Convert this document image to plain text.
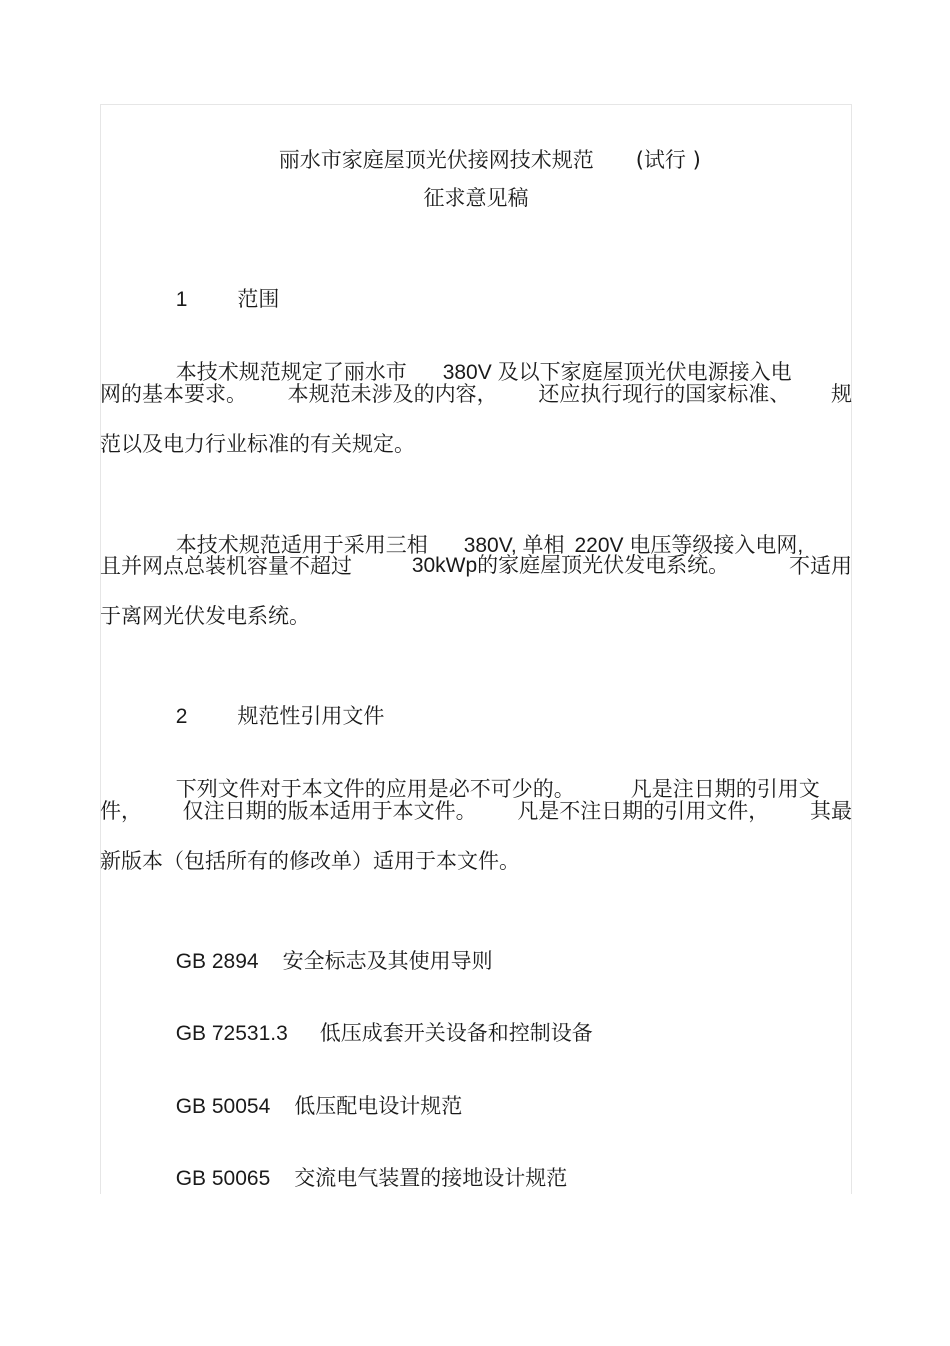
丽水市家庭屋顶光伏接网技术规范 (试行 )

征求意见稿

1 范围

本技术规范规定了丽水市 380V 及以下家庭屋顶光伏电源接入电

网的基本要求。 本规范未涉及的内容， 还应执行现行的国家标准、 规
范以及电力行业标准的有关规定。

本技术规范适用于采用三相 380V, 单相 220V 电压等级接入电网,

且并网点总装机容量不超过	30kWp的家庭屋顶光伏发电系统。	不适用
于离网光伏发电系统。

2 规范性引用文件

下列文件对于本文件的应用是必不可少的。	凡是注日期的引用文

件， 仅注日期的版本适用于本文件。 凡是不注日期的引用文件， 其最
新版本（包括所有的修改单）适用于本文件。

GB 2894 安全标志及其使用导则

GB 72531.3 低压成套开关设备和控制设备

GB 50054 低压配电设计规范

GB 50065 交流电气装置的接地设计规范
